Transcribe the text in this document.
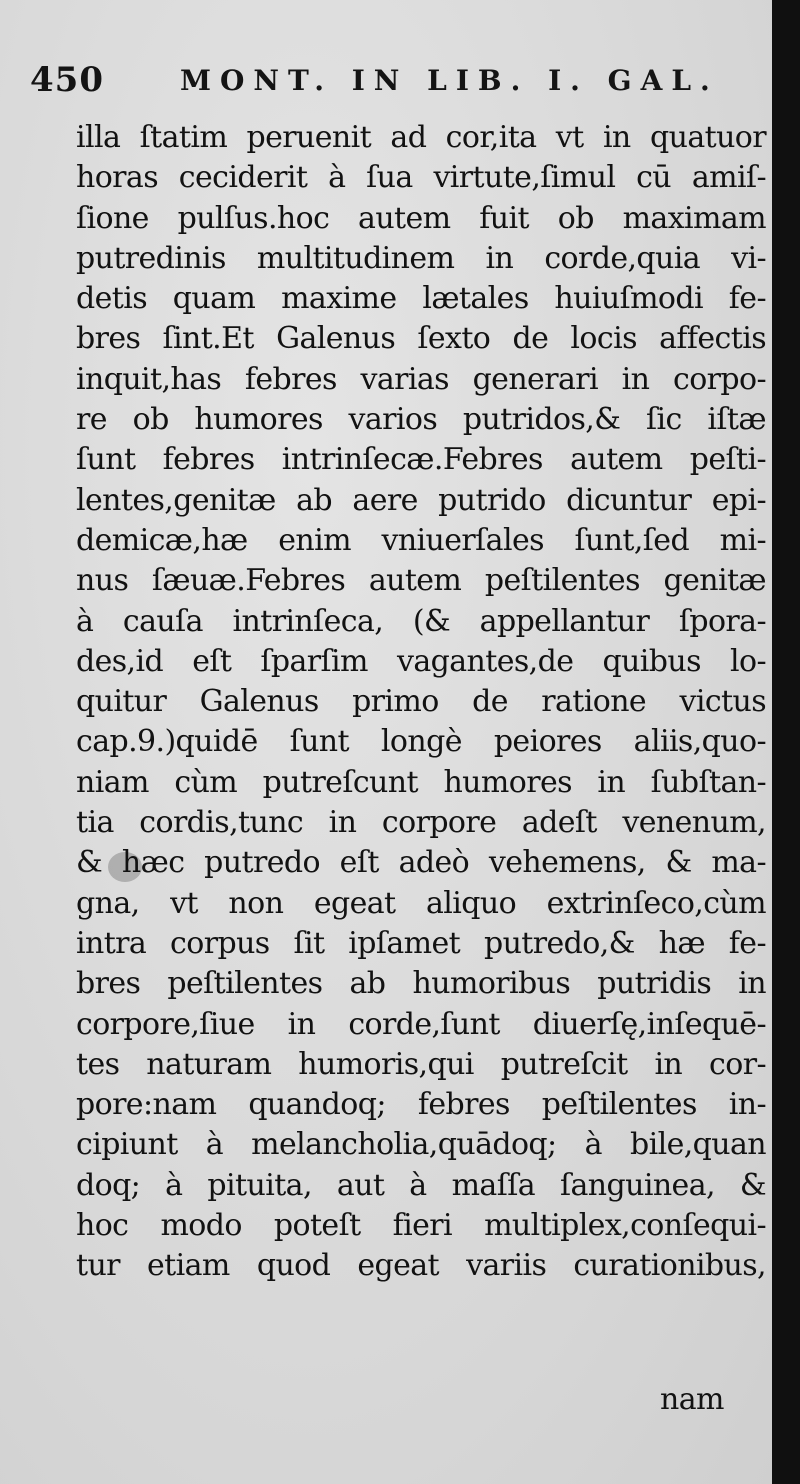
450	MONT. IN LIB. I. GAL.
illa ſtatim peruenit ad cor,ita vt in quatuor
horas ceciderit à ſua virtute,ſimul cū amiſ-
ſione pulſus.hoc autem fuit ob maximam
putredinis multitudinem in corde,quia vi-
detis quam maxime lætales huiuſmodi fe-
bres ſint.Et Galenus ſexto de locis affectis
inquit,has febres varias generari in corpo-
re ob humores varios putridos,& ſic iſtæ
ſunt febres intrinſecæ.Febres autem peſti-
lentes,genitæ ab aere putrido dicuntur epi-
demicæ,hæ enim vniuerſales ſunt,ſed mi-
nus ſæuæ.Febres autem peſtilentes genitæ
à cauſa intrinſeca, (& appellantur ſpora-
des,id eſt ſparſim vagantes,de quibus lo-
quitur Galenus primo de ratione victus
cap.9.)quidē ſunt longè peiores aliis,quo-
niam cùm putreſcunt humores in ſubſtan-
tia cordis,tunc in corpore adeſt venenum,
& hæc putredo eſt adeò vehemens, & ma-
gna, vt non egeat aliquo extrinſeco,cùm
intra corpus ſit ipſamet putredo,& hæ fe-
bres peſtilentes ab humoribus putridis in
corpore,ſiue in corde,ſunt diuerſę,inſequē-
tes naturam humoris,qui putreſcit in cor-
pore:nam quandoq; febres peſtilentes in-
cipiunt à melancholia,quādoq; à bile,quan
doq; à pituita, aut à maſſa ſanguinea, &
hoc modo poteſt fieri multiplex,conſequi-
tur etiam quod egeat variis curationibus,
nam
